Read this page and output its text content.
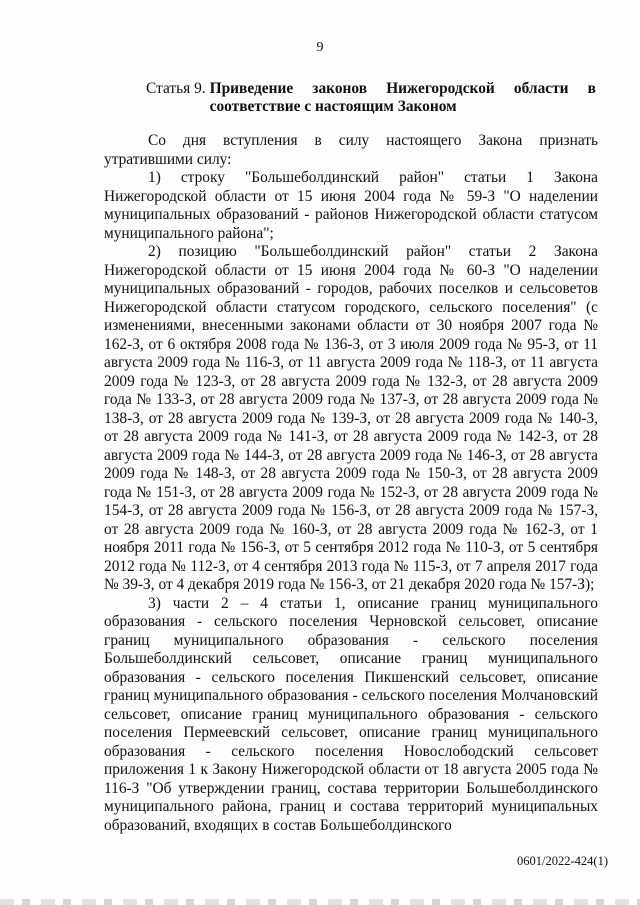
9
Статья 9. Приведение законов Нижегородской области в соответствие с настоящим Законом

Со дня вступления в силу настоящего Закона признать утратившими силу:

1) строку "Большеболдинский район" статьи 1 Закона Нижегородской области от 15 июня 2004 года № 59-З "О наделении муниципальных образований - районов Нижегородской области статусом муниципального района";

2) позицию "Большеболдинский район" статьи 2 Закона Нижегородской области от 15 июня 2004 года № 60-З "О наделении муниципальных образований - городов, рабочих поселков и сельсоветов Нижегородской области статусом городского, сельского поселения" (с изменениями, внесенными законами области от 30 ноября 2007 года № 162-З, от 6 октября 2008 года № 136-З, от 3 июля 2009 года № 95-З, от 11 августа 2009 года № 116-З, от 11 августа 2009 года № 118-З, от 11 августа 2009 года № 123-З, от 28 августа 2009 года № 132-З, от 28 августа 2009 года № 133-З, от 28 августа 2009 года № 137-З, от 28 августа 2009 года № 138-З, от 28 августа 2009 года № 139-З, от 28 августа 2009 года № 140-З, от 28 августа 2009 года № 141-З, от 28 августа 2009 года № 142-З, от 28 августа 2009 года № 144-З, от 28 августа 2009 года № 146-З, от 28 августа 2009 года № 148-З, от 28 августа 2009 года № 150-З, от 28 августа 2009 года № 151-З, от 28 августа 2009 года № 152-З, от 28 августа 2009 года № 154-З, от 28 августа 2009 года № 156-З, от 28 августа 2009 года № 157-З, от 28 августа 2009 года № 160-З, от 28 августа 2009 года № 162-З, от 1 ноября 2011 года № 156-З, от 5 сентября 2012 года № 110-З, от 5 сентября 2012 года № 112-З, от 4 сентября 2013 года № 115-З, от 7 апреля 2017 года № 39-З, от 4 декабря 2019 года № 156-З, от 21 декабря 2020 года № 157-З);

3) части 2 – 4 статьи 1, описание границ муниципального образования - сельского поселения Черновской сельсовет, описание границ муниципального образования - сельского поселения Большеболдинский сельсовет, описание границ муниципального образования - сельского поселения Пикшенский сельсовет, описание границ муниципального образования - сельского поселения Молчановский сельсовет, описание границ муниципального образования - сельского поселения Пермеевский сельсовет, описание границ муниципального образования - сельского поселения Новослободский сельсовет приложения 1 к Закону Нижегородской области от 18 августа 2005 года № 116-З "Об утверждении границ, состава территории Большеболдинского муниципального района, границ и состава территорий муниципальных образований, входящих в состав Большеболдинского

0601/2022-424(1)
